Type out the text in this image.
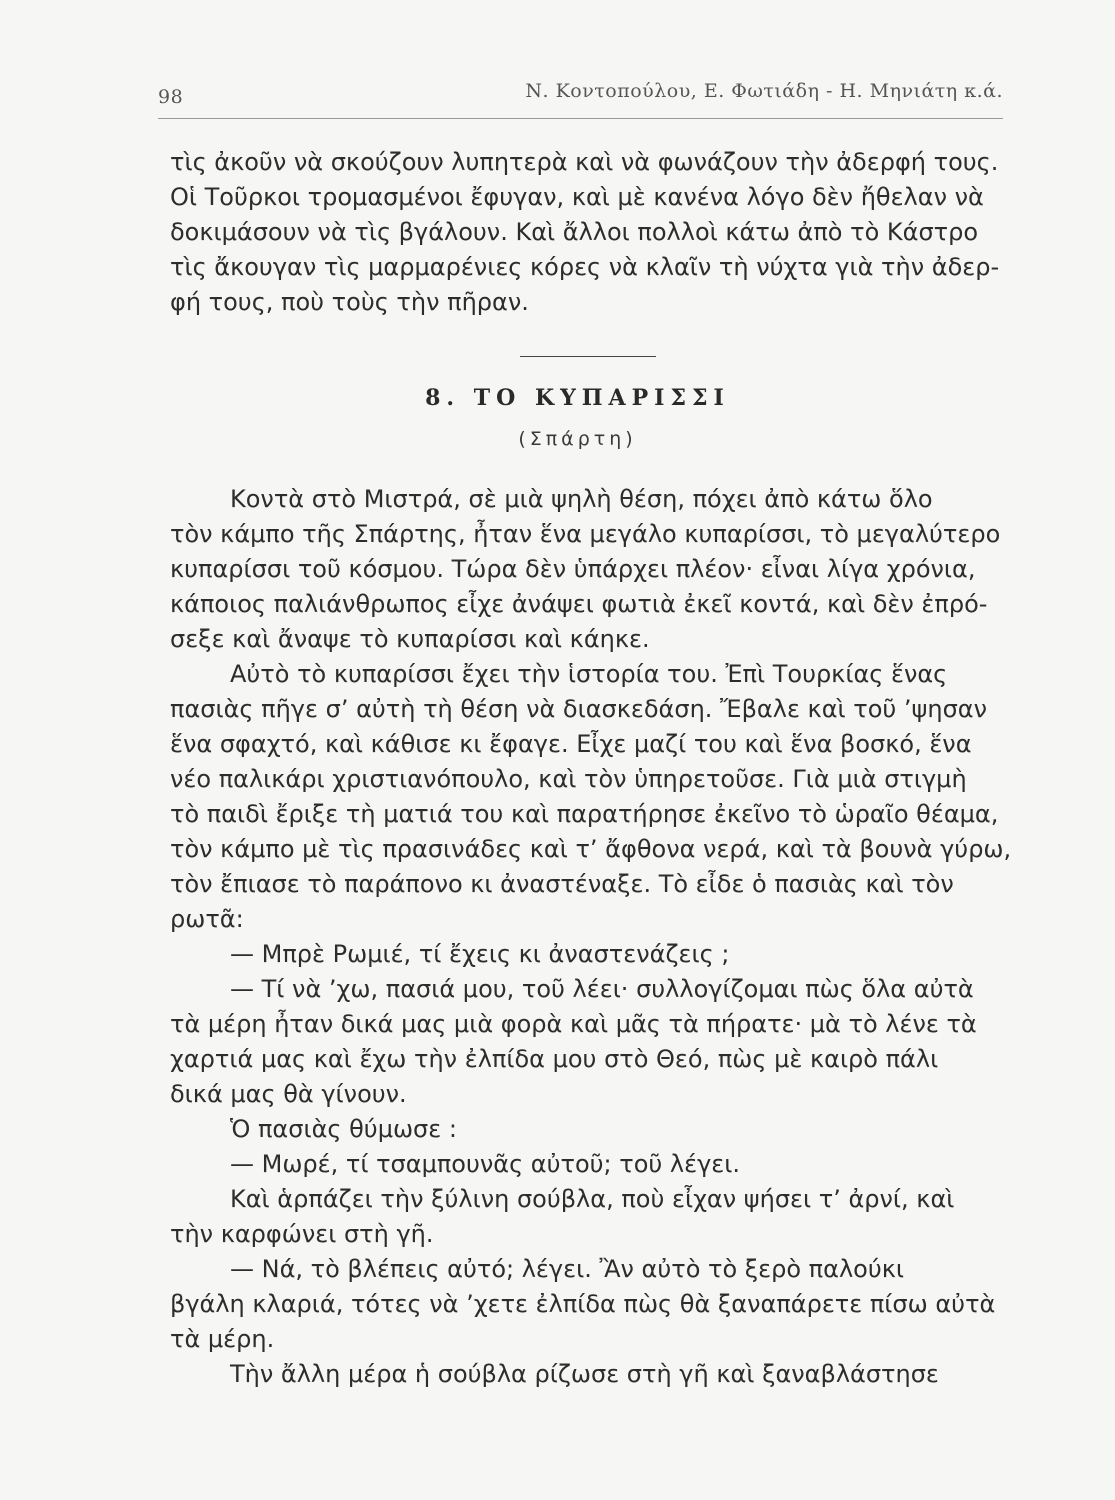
98	Ν. Κοντοπούλου, Ε. Φωτιάδη - Η. Μηνιάτη κ.ά.
τὶς ἀκοῦν νὰ σκούζουν λυπητερὰ καὶ νὰ φωνάζουν τὴν ἀδερφή τους.
Οἱ Τοῦρκοι τρομασμένοι ἔφυγαν, καὶ μὲ κανένα λόγο δὲν ἤθελαν νὰ
δοκιμάσουν νὰ τὶς βγάλουν. Καὶ ἄλλοι πολλοὶ κάτω ἀπὸ τὸ Κάστρο
τὶς ἄκουγαν τὶς μαρμαρένιες κόρες νὰ κλαῖν τὴ νύχτα γιὰ τὴν ἀδερ-
φή τους, ποὺ τοὺς τὴν πῆραν.
8. ΤΟ ΚΥΠΑΡΙΣΣΙ
(Σπάρτη)
Κοντὰ στὸ Μιστρά, σὲ μιὰ ψηλὴ θέση, πόχει ἀπὸ κάτω ὅλο
τὸν κάμπο τῆς Σπάρτης, ἦταν ἕνα μεγάλο κυπαρίσσι, τὸ μεγαλύτερο
κυπαρίσσι τοῦ κόσμου. Τώρα δὲν ὑπάρχει πλέον· εἶναι λίγα χρόνια,
κάποιος παλιάνθρωπος εἶχε ἀνάψει φωτιὰ ἐκεῖ κοντά, καὶ δὲν ἐπρό-
σεξε καὶ ἄναψε τὸ κυπαρίσσι καὶ κάηκε.
Αὐτὸ τὸ κυπαρίσσι ἔχει τὴν ἱστορία του. Ἐπὶ Τουρκίας ἕνας
πασιὰς πῆγε σ’ αὐτὴ τὴ θέση νὰ διασκεδάση. Ἔβαλε καὶ τοῦ ’ψησαν
ἕνα σφαχτό, καὶ κάθισε κι ἔφαγε. Εἶχε μαζί του καὶ ἕνα βοσκό, ἕνα
νέο παλικάρι χριστιανόπουλο, καὶ τὸν ὑπηρετοῦσε. Γιὰ μιὰ στιγμὴ
τὸ παιδὶ ἔριξε τὴ ματιά του καὶ παρατήρησε ἐκεῖνο τὸ ὡραῖο θέαμα,
τὸν κάμπο μὲ τὶς πρασινάδες καὶ τ’ ἄφθονα νερά, καὶ τὰ βουνὰ γύρω,
τὸν ἔπιασε τὸ παράπονο κι ἀναστέναξε. Τὸ εἶδε ὁ πασιὰς καὶ τὸν
ρωτᾶ:
— Μπρὲ Ρωμιέ, τί ἔχεις κι ἀναστενάζεις ;
— Τί νὰ ’χω, πασιά μου, τοῦ λέει· συλλογίζομαι πὼς ὅλα αὐτὰ
τὰ μέρη ἦταν δικά μας μιὰ φορὰ καὶ μᾶς τὰ πήρατε· μὰ τὸ λένε τὰ
χαρτιά μας καὶ ἔχω τὴν ἐλπίδα μου στὸ Θεό, πὼς μὲ καιρὸ πάλι
δικά μας θὰ γίνουν.
Ὁ πασιὰς θύμωσε :
— Μωρέ, τί τσαμπουνᾶς αὐτοῦ; τοῦ λέγει.
Καὶ ἁρπάζει τὴν ξύλινη σούβλα, ποὺ εἶχαν ψήσει τ’ ἀρνί, καὶ
τὴν καρφώνει στὴ γῆ.
— Νά, τὸ βλέπεις αὐτό; λέγει. Ἂν αὐτὸ τὸ ξερὸ παλούκι
βγάλη κλαριά, τότες νὰ ’χετε ἐλπίδα πὼς θὰ ξαναπάρετε πίσω αὐτὰ
τὰ μέρη.
Τὴν ἄλλη μέρα ἡ σούβλα ρίζωσε στὴ γῆ καὶ ξαναβλάστησε
